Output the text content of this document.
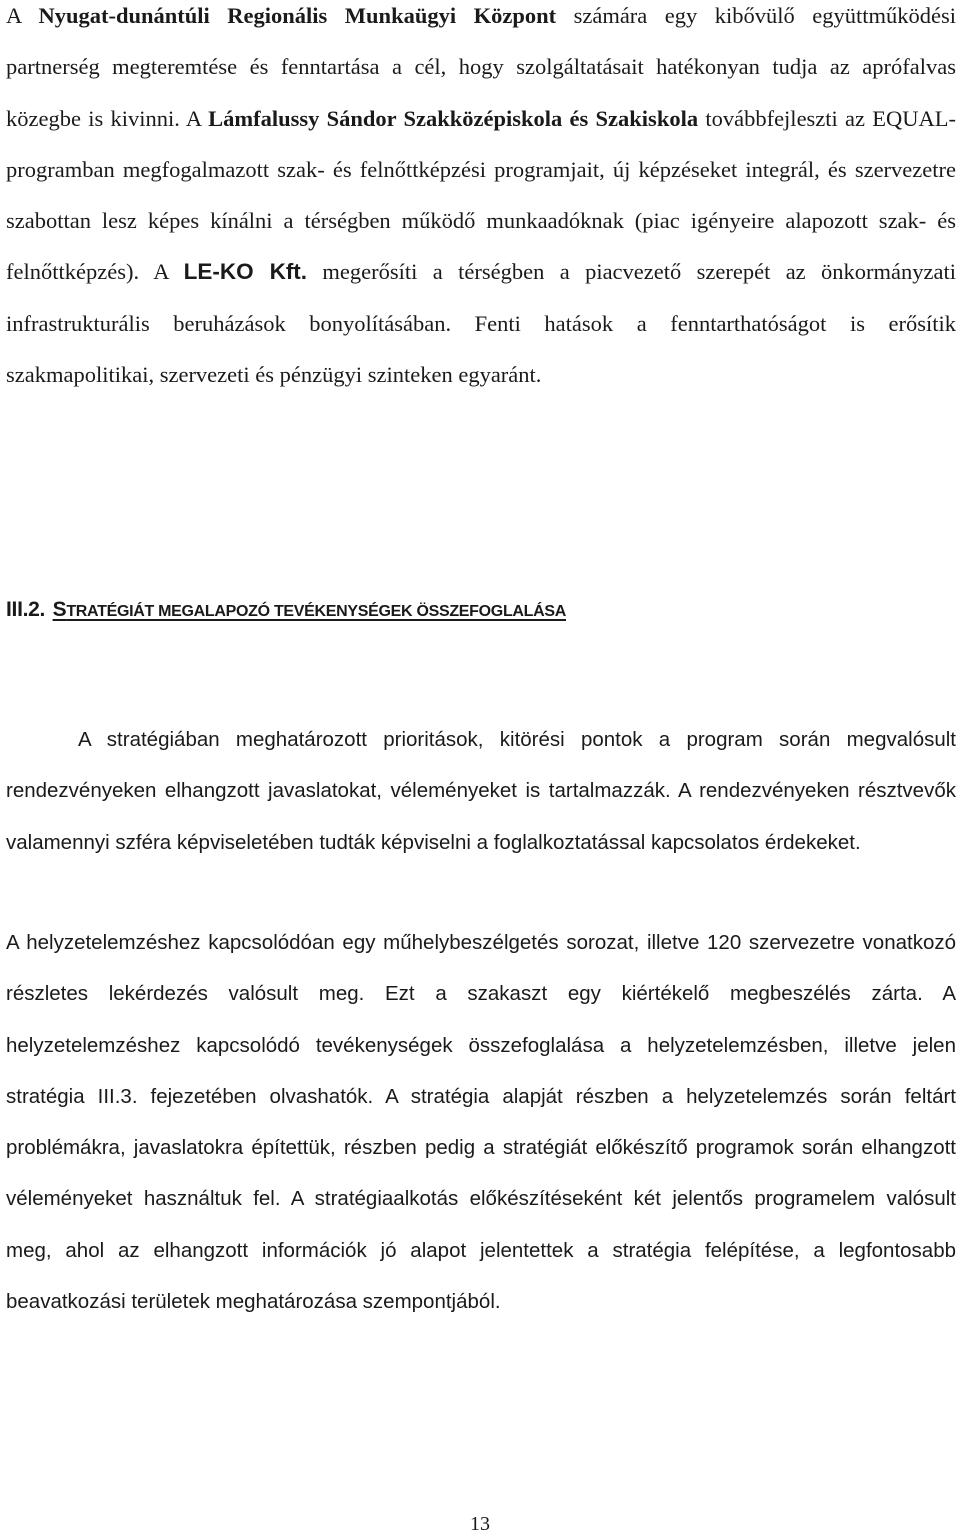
A Nyugat-dunántúli Regionális Munkaügyi Központ számára egy kibővülő együttműködési partnerség megteremtése és fenntartása a cél, hogy szolgáltatásait hatékonyan tudja az aprófalvas közegbe is kivinni. A Lámfalussy Sándor Szakközépiskola és Szakiskola továbbfejleszti az EQUAL-programban megfogalmazott szak- és felnőttképzési programjait, új képzéseket integrál, és szervezetre szabottan lesz képes kínálni a térségben működő munkaadóknak (piac igényeire alapozott szak- és felnőttképzés). A LE-KO Kft. megerősíti a térségben a piacvezető szerepét az önkormányzati infrastrukturális beruházások bonyolításában. Fenti hatások a fenntarthatóságot is erősítik szakmapolitikai, szervezeti és pénzügyi szinteken egyaránt.

III.2. STRATÉGIÁT MEGALAPOZÓ TEVÉKENYSÉGEK ÖSSZEFOGLALÁSA

A stratégiában meghatározott prioritások, kitörési pontok a program során megvalósult rendezvényeken elhangzott javaslatokat, véleményeket is tartalmazzák. A rendezvényeken résztvevők valamennyi szféra képviseletében tudták képviselni a foglalkoztatással kapcsolatos érdekeket.

A helyzetelemzéshez kapcsolódóan egy műhelybeszélgetés sorozat, illetve 120 szervezetre vonatkozó részletes lekérdezés valósult meg. Ezt a szakaszt egy kiértékelő megbeszélés zárta. A helyzetelemzéshez kapcsolódó tevékenységek összefoglalása a helyzetelemzésben, illetve jelen stratégia III.3. fejezetében olvashatók. A stratégia alapját részben a helyzetelemzés során feltárt problémákra, javaslatokra építettük, részben pedig a stratégiát előkészítő programok során elhangzott véleményeket használtuk fel. A stratégiaalkotás előkészítéseként két jelentős programelem valósult meg, ahol az elhangzott információk jó alapot jelentettek a stratégia felépítése, a legfontosabb beavatkozási területek meghatározása szempontjából.

13
